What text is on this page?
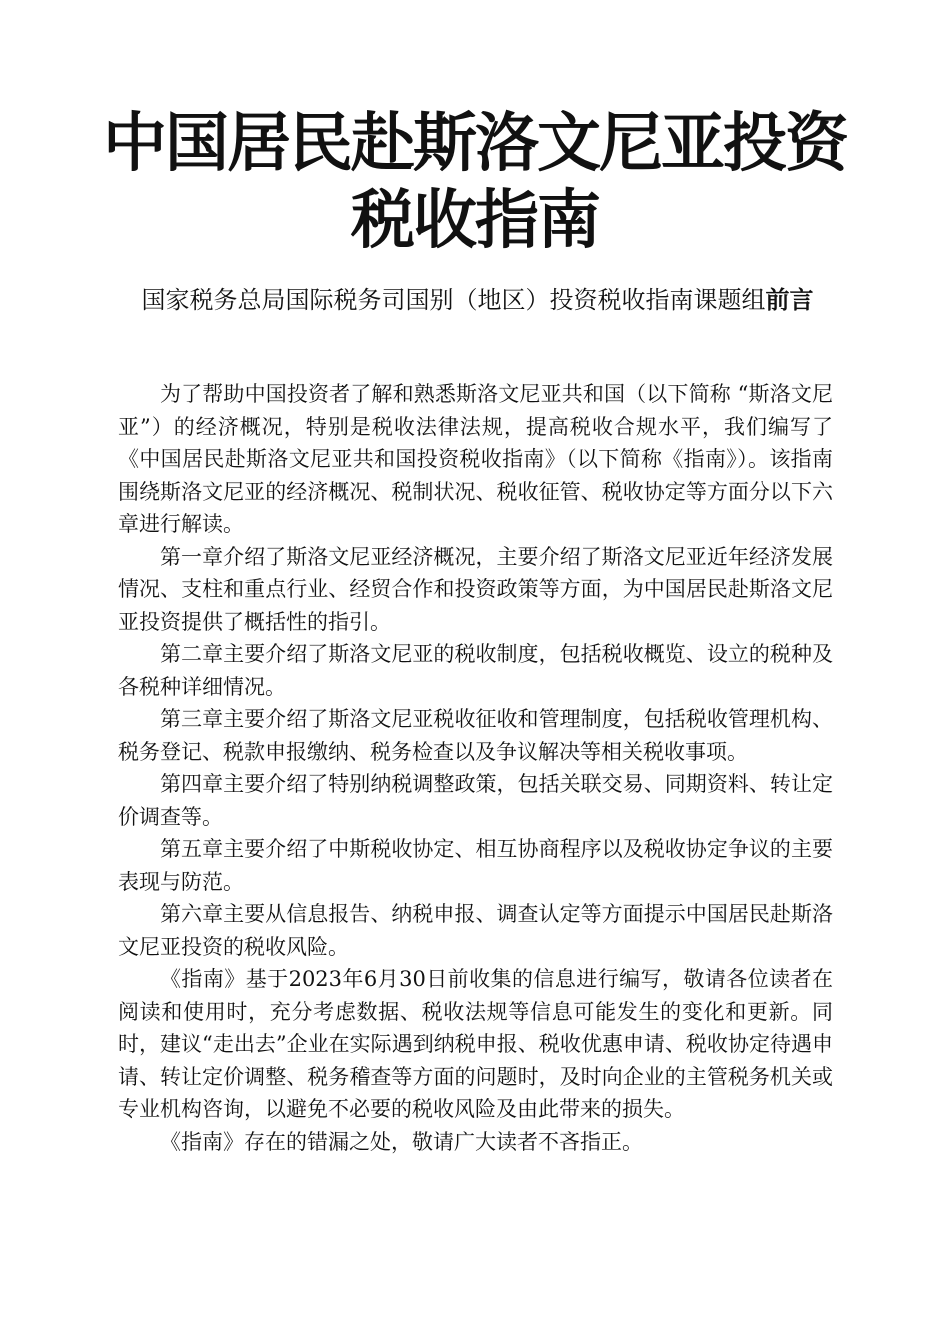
中国居民赴斯洛文尼亚投资
税收指南
国家税务总局国际税务司国别（地区）投资税收指南课题组前言

为了帮助中国投资者了解和熟悉斯洛文尼亚共和国（以下简称 “斯洛文尼亚”）的经济概况，特别是税收法律法规，提高税收合规水平，我们编写了《中国居民赴斯洛文尼亚共和国投资税收指南》（以下简称《指南》）。该指南围绕斯洛文尼亚的经济概况、税制状况、税收征管、税收协定等方面分以下六章进行解读。

第一章介绍了斯洛文尼亚经济概况，主要介绍了斯洛文尼亚近年经济发展情况、支柱和重点行业、经贸合作和投资政策等方面，为中国居民赴斯洛文尼亚投资提供了概括性的指引。

第二章主要介绍了斯洛文尼亚的税收制度，包括税收概览、设立的税种及各税种详细情况。

第三章主要介绍了斯洛文尼亚税收征收和管理制度，包括税收管理机构、税务登记、税款申报缴纳、税务检查以及争议解决等相关税收事项。

第四章主要介绍了特别纳税调整政策，包括关联交易、同期资料、转让定价调查等。

第五章主要介绍了中斯税收协定、相互协商程序以及税收协定争议的主要表现与防范。

第六章主要从信息报告、纳税申报、调查认定等方面提示中国居民赴斯洛文尼亚投资的税收风险。

《指南》基于2023年6月30日前收集的信息进行编写，敬请各位读者在阅读和使用时，充分考虑数据、税收法规等信息可能发生的变化和更新。同时，建议“走出去”企业在实际遇到纳税申报、税收优惠申请、税收协定待遇申请、转让定价调整、税务稽查等方面的问题时，及时向企业的主管税务机关或专业机构咨询，以避免不必要的税收风险及由此带来的损失。

《指南》存在的错漏之处，敬请广大读者不吝指正。
